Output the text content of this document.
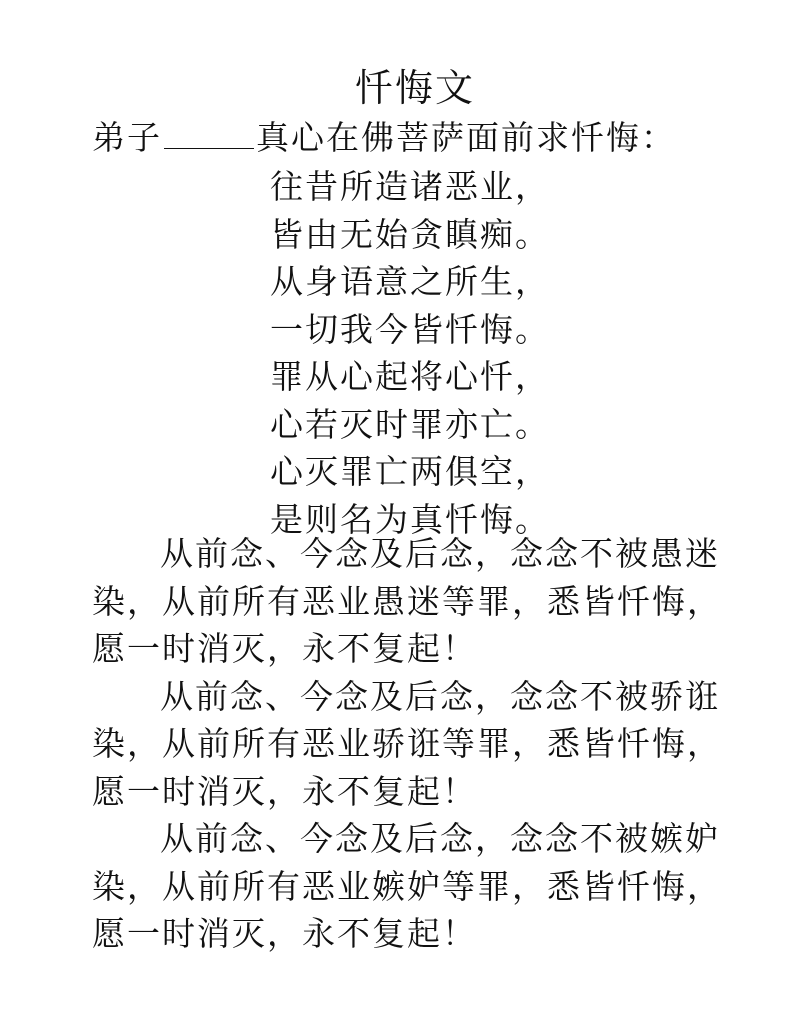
忏悔文
弟子	真心在佛菩萨面前求忏悔：
往昔所造诸恶业，
皆由无始贪瞋痴。
从身语意之所生，
一切我今皆忏悔。
罪从心起将心忏，
心若灭时罪亦亡。
心灭罪亡两俱空，
是则名为真忏悔。
从前念、今念及后念，念念不被愚迷
染，从前所有恶业愚迷等罪，悉皆忏悔，
愿一时消灭，永不复起！
从前念、今念及后念，念念不被骄诳
染，从前所有恶业骄诳等罪，悉皆忏悔，
愿一时消灭，永不复起！
从前念、今念及后念，念念不被嫉妒
染，从前所有恶业嫉妒等罪，悉皆忏悔，
愿一时消灭，永不复起！
